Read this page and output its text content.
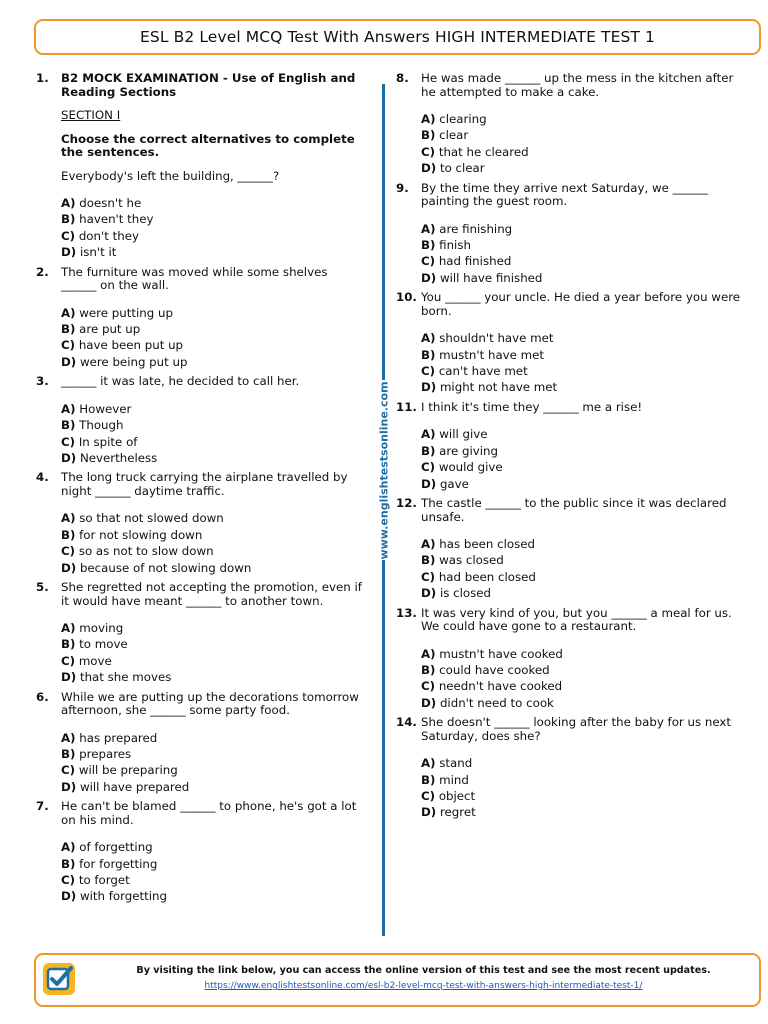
ESL B2 Level MCQ Test With Answers HIGH INTERMEDIATE TEST 1
1. B2 MOCK EXAMINATION - Use of English and Reading Sections
SECTION I
Choose the correct alternatives to complete the sentences.
Everybody's left the building, ______?
A) doesn't he
B) haven't they
C) don't they
D) isn't it
2. The furniture was moved while some shelves ______ on the wall.
A) were putting up
B) are put up
C) have been put up
D) were being put up
3. ______ it was late, he decided to call her.
A) However
B) Though
C) In spite of
D) Nevertheless
4. The long truck carrying the airplane travelled by night ______ daytime traffic.
A) so that not slowed down
B) for not slowing down
C) so as not to slow down
D) because of not slowing down
5. She regretted not accepting the promotion, even if it would have meant ______ to another town.
A) moving
B) to move
C) move
D) that she moves
6. While we are putting up the decorations tomorrow afternoon, she ______ some party food.
A) has prepared
B) prepares
C) will be preparing
D) will have prepared
7. He can't be blamed ______ to phone, he's got a lot on his mind.
A) of forgetting
B) for forgetting
C) to forget
D) with forgetting
www.englishtestsonline.com
8. He was made ______ up the mess in the kitchen after he attempted to make a cake.
A) clearing
B) clear
C) that he cleared
D) to clear
9. By the time they arrive next Saturday, we ______ painting the guest room.
A) are finishing
B) finish
C) had finished
D) will have finished
10. You ______ your uncle. He died a year before you were born.
A) shouldn't have met
B) mustn't have met
C) can't have met
D) might not have met
11. I think it's time they ______ me a rise!
A) will give
B) are giving
C) would give
D) gave
12. The castle ______ to the public since it was declared unsafe.
A) has been closed
B) was closed
C) had been closed
D) is closed
13. It was very kind of you, but you ______ a meal for us. We could have gone to a restaurant.
A) mustn't have cooked
B) could have cooked
C) needn't have cooked
D) didn't need to cook
14. She doesn't ______ looking after the baby for us next Saturday, does she?
A) stand
B) mind
C) object
D) regret
By visiting the link below, you can access the online version of this test and see the most recent updates.
https://www.englishtestsonline.com/esl-b2-level-mcq-test-with-answers-high-intermediate-test-1/
